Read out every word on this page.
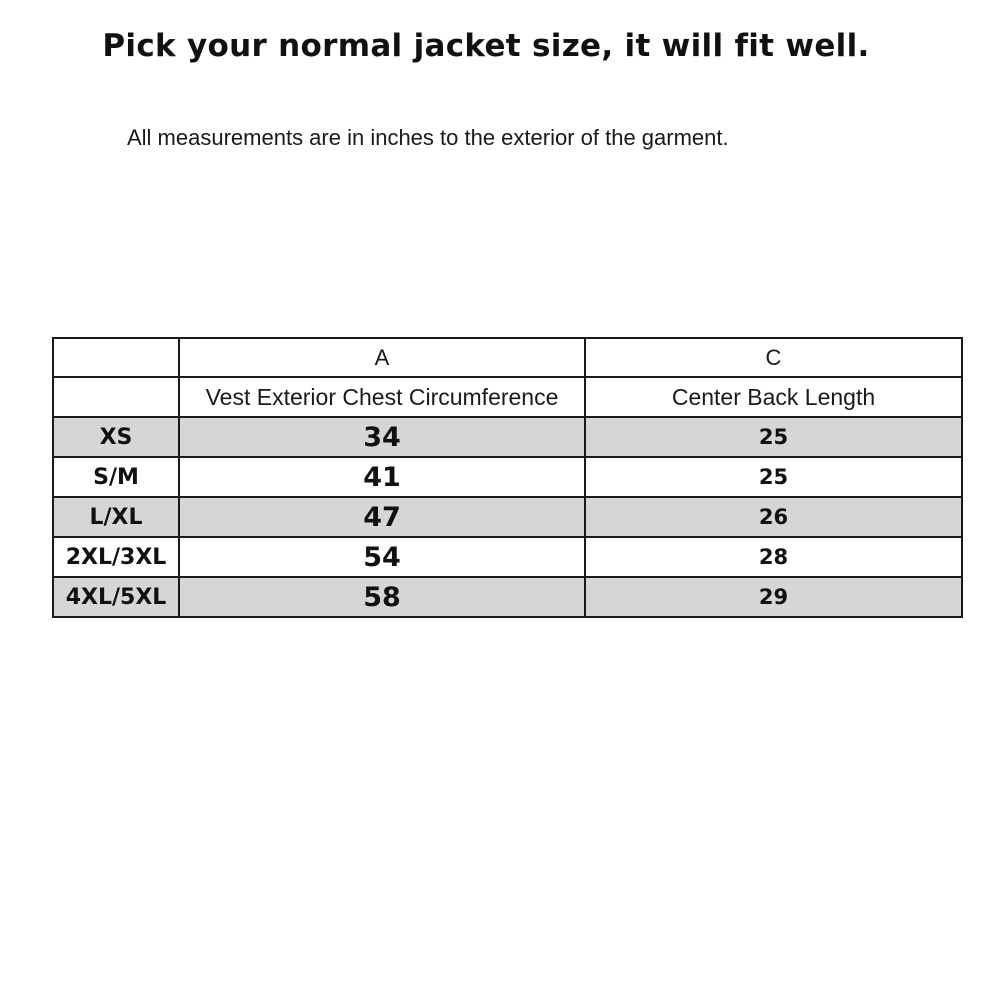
Pick your normal jacket size, it will fit well.
All measurements are in inches to the exterior of the garment.
	A	C
	Vest Exterior Chest Circumference	Center Back Length
XS	34	25
S/M	41	25
L/XL	47	26
2XL/3XL	54	28
4XL/5XL	58	29
